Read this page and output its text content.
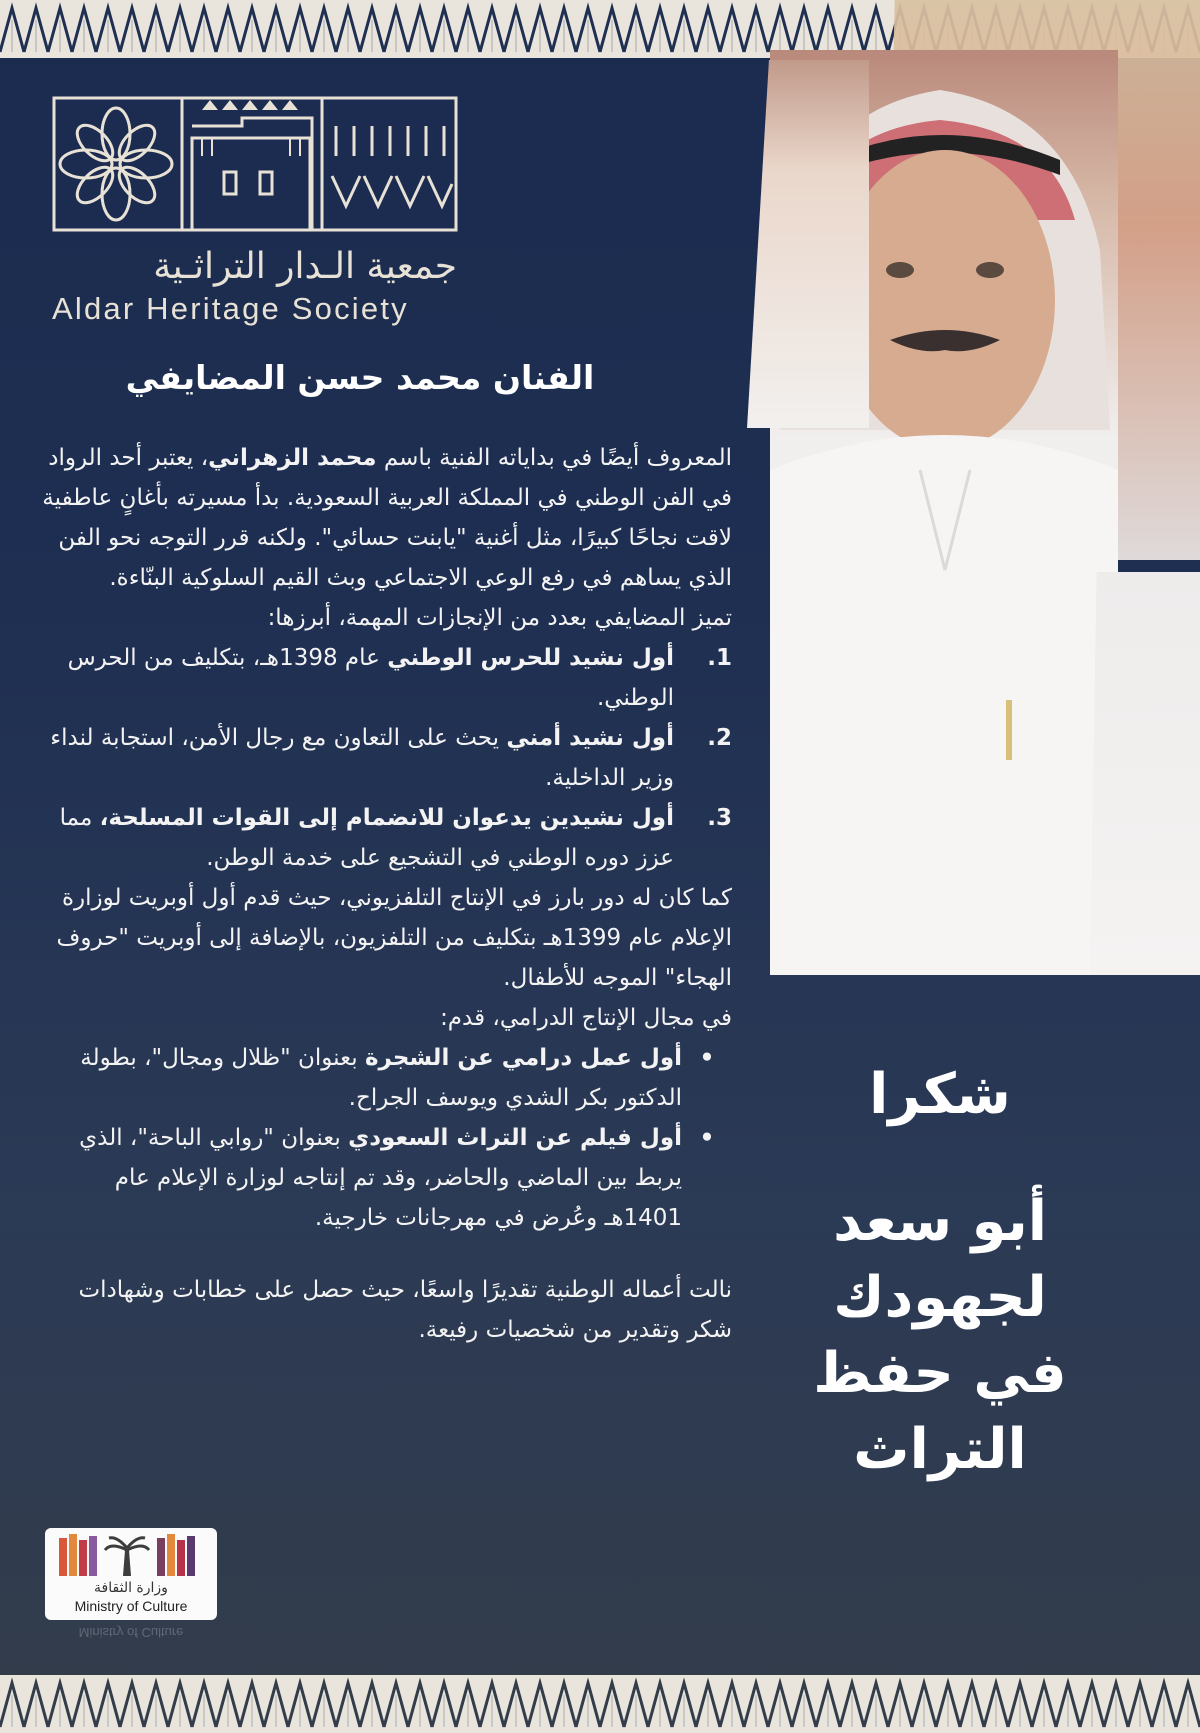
جمعية الـدار التراثـية
Aldar Heritage Society
الفنان محمد حسن المضايفي

المعروف أيضًا في بداياته الفنية باسم محمد الزهراني، يعتبر أحد الرواد في الفن الوطني في المملكة العربية السعودية. بدأ مسيرته بأغانٍ عاطفية لاقت نجاحًا كبيرًا، مثل أغنية "يابنت حسائي". ولكنه قرر التوجه نحو الفن الذي يساهم في رفع الوعي الاجتماعي وبث القيم السلوكية البنّاءة.

تميز المضايفي بعدد من الإنجازات المهمة، أبرزها:

1.
أول نشيد للحرس الوطني عام 1398هـ، بتكليف من الحرس الوطني.
2.
أول نشيد أمني يحث على التعاون مع رجال الأمن، استجابة لنداء وزير الداخلية.
3.
أول نشيدين يدعوان للانضمام إلى القوات المسلحة، مما عزز دوره الوطني في التشجيع على خدمة الوطن.

كما كان له دور بارز في الإنتاج التلفزيوني، حيث قدم أول أوبريت لوزارة الإعلام عام 1399هـ بتكليف من التلفزيون، بالإضافة إلى أوبريت "حروف الهجاء" الموجه للأطفال.

في مجال الإنتاج الدرامي، قدم:

•
أول عمل درامي عن الشجرة بعنوان "ظلال ومجال"، بطولة الدكتور بكر الشدي ويوسف الجراح.
•
أول فيلم عن التراث السعودي بعنوان "روابي الباحة"، الذي يربط بين الماضي والحاضر، وقد تم إنتاجه لوزارة الإعلام عام 1401هـ وعُرض في مهرجانات خارجية.

نالت أعماله الوطنية تقديرًا واسعًا، حيث حصل على خطابات وشهادات شكر وتقدير من شخصيات رفيعة.

شكرا
أبو سعد
لجهودك
في حفظ
التراث
وزارة الثقافة
Ministry of Culture
Ministry of Culture
